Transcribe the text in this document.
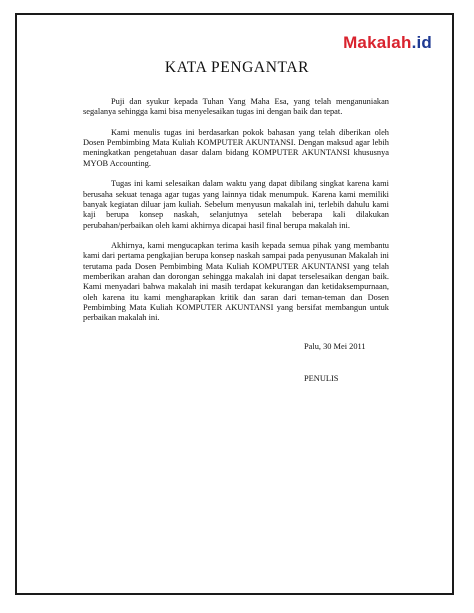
Makalah.id
KATA PENGANTAR

Puji dan syukur kepada Tuhan Yang Maha Esa, yang telah menganuniakan segalanya sehingga kami bisa menyelesaikan tugas ini dengan baik dan tepat.

Kami menulis tugas ini berdasarkan pokok bahasan yang telah diberikan oleh Dosen Pembimbing Mata Kuliah KOMPUTER AKUNTANSI. Dengan maksud agar lebih meningkatkan pengetahuan dasar dalam bidang KOMPUTER AKUNTANSI khususnya MYOB Accounting.

Tugas ini kami selesaikan dalam waktu yang dapat dibilang singkat karena kami berusaha sekuat tenaga agar tugas yang lainnya tidak menumpuk. Karena kami memiliki banyak kegiatan diluar jam kuliah. Sebelum menyusun makalah ini, terlebih dahulu kami kaji berupa konsep naskah, selanjutnya setelah beberapa kali dilakukan perubahan/perbaikan oleh kami akhirnya dicapai hasil final berupa makalah ini.

Akhirnya, kami mengucapkan terima kasih kepada semua pihak yang membantu kami dari pertama pengkajian berupa konsep naskah sampai pada penyusunan Makalah ini terutama pada Dosen Pembimbing Mata Kuliah KOMPUTER AKUNTANSI yang telah memberikan arahan dan dorongan sehingga makalah ini dapat terselesaikan dengan baik. Kami menyadari bahwa makalah ini masih terdapat kekurangan dan ketidaksempurnaan, oleh karena itu kami mengharapkan kritik dan saran dari teman-teman dan Dosen Pembimbing Mata Kuliah KOMPUTER AKUNTANSI yang bersifat membangun untuk perbaikan makalah ini.

Palu, 30 Mei 2011
PENULIS
